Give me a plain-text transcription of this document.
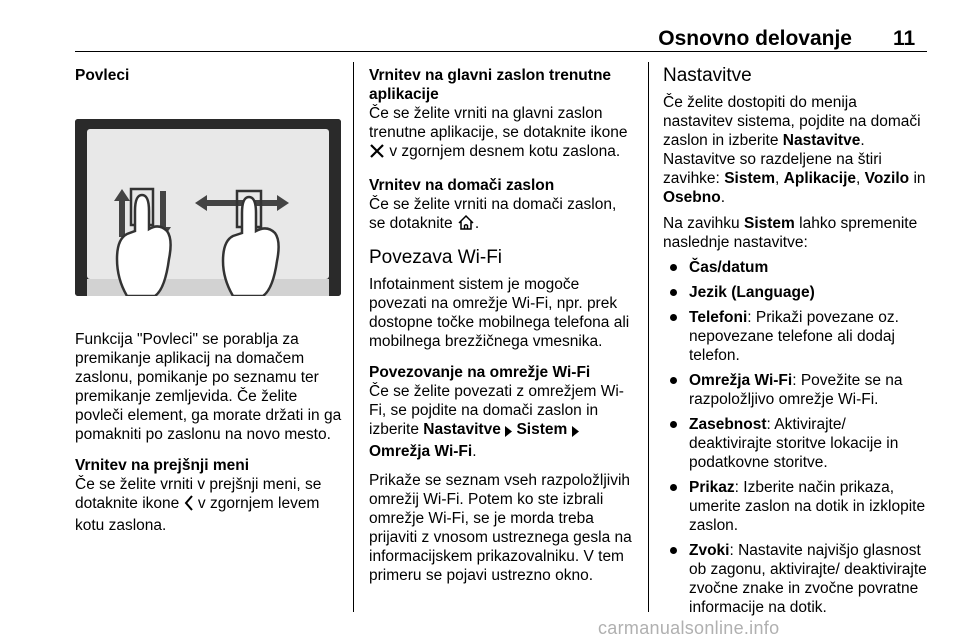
Osnovno delovanje 11

Povleci

Funkcija "Povleci" se porablja za premikanje aplikacij na domačem zaslonu, pomikanje po seznamu ter premikanje zemljevida. Če želite povleči element, ga morate držati in ga pomakniti po zaslonu na novo mesto.

Vrnitev na prejšnji meni

Če se želite vrniti v prejšnji meni, se dotaknite ikone v zgornjem levem kotu zaslona.

Vrnitev na glavni zaslon trenutne aplikacije

Če se želite vrniti na glavni zaslon trenutne aplikacije, se dotaknite ikone  v zgornjem desnem kotu zaslona.

Vrnitev na domači zaslon

Če se želite vrniti na domači zaslon, se dotaknite .

Povezava Wi-Fi

Infotainment sistem je mogoče povezati na omrežje Wi-Fi, npr. prek dostopne točke mobilnega telefona ali mobilnega brezžičnega vmesnika.

Povezovanje na omrežje Wi-Fi

Če se želite povezati z omrežjem Wi-Fi, se pojdite na domači zaslon in izberite Nastavitve Sistem  Omrežja Wi-Fi.

Prikaže se seznam vseh razpoložljivih omrežij Wi-Fi. Potem ko ste izbrali omrežje Wi-Fi, se je morda treba prijaviti z vnosom ustreznega gesla na informacijskem prikazovalniku. V tem primeru se pojavi ustrezno okno.

Nastavitve

Če želite dostopiti do menija nastavitev sistema, pojdite na domači zaslon in izberite Nastavitve. Nastavitve so razdeljene na štiri zavihke: Sistem, Aplikacije, Vozilo in Osebno.

Na zavihku Sistem lahko spremenite naslednje nastavitve:

Čas/datum
Jezik (Language)
Telefoni: Prikaži povezane oz. nepovezane telefone ali dodaj telefon.
Omrežja Wi-Fi: Povežite se na razpoložljivo omrežje Wi-Fi.
Zasebnost: Aktivirajte/ deaktivirajte storitve lokacije in podatkovne storitve.
Prikaz: Izberite način prikaza, umerite zaslon na dotik in izklopite zaslon.
Zvoki: Nastavite najvišjo glasnost ob zagonu, aktivirajte/ deaktivirajte zvočne znake in zvočne povratne informacije na dotik.
carmanualsonline.info
